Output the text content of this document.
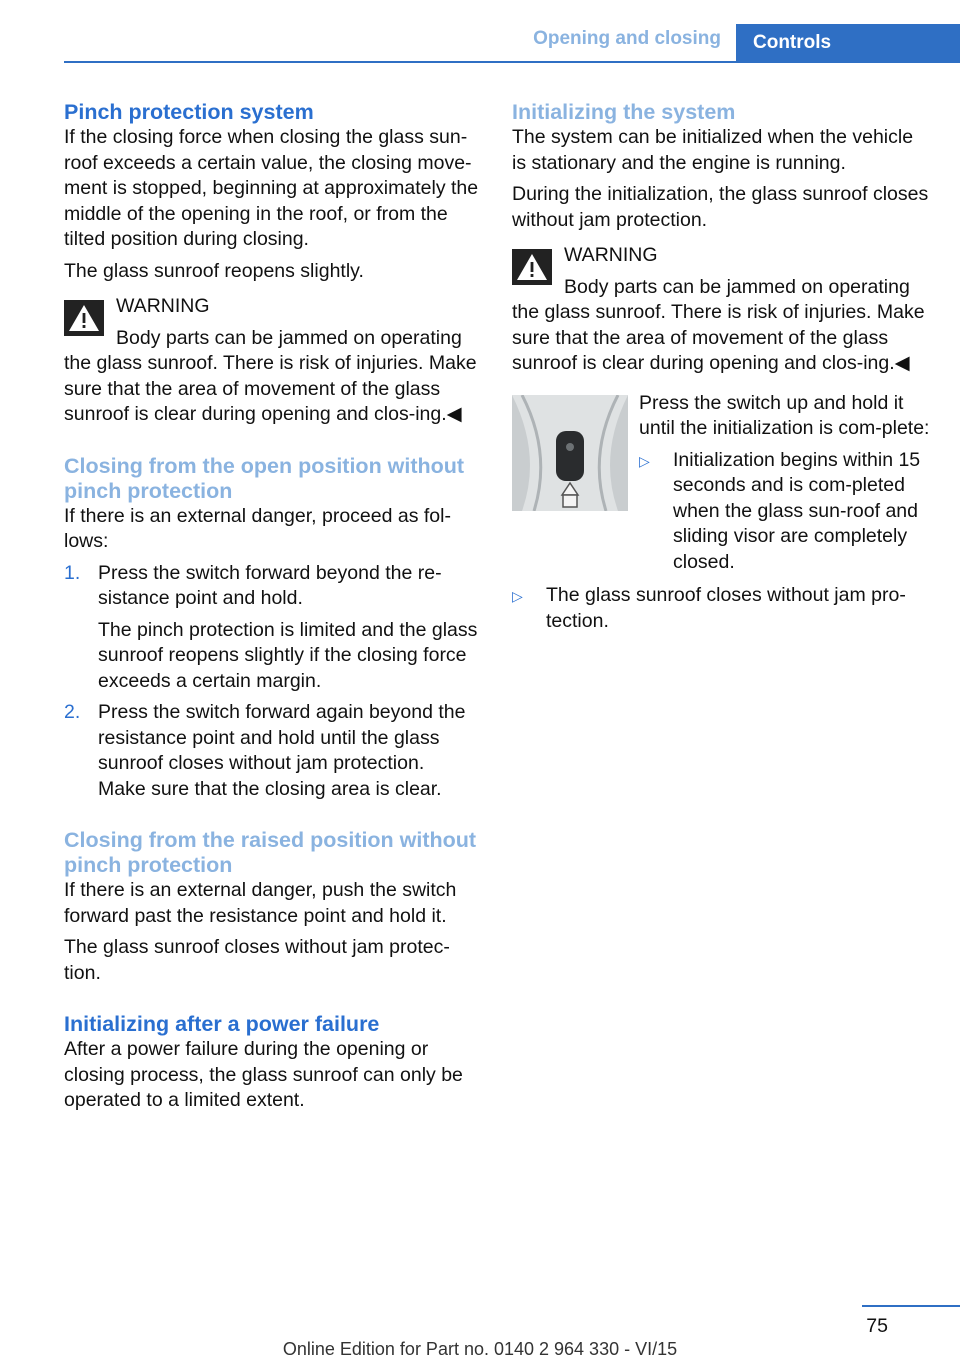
Opening and closing	Controls
Pinch protection system

If the closing force when closing the glass sun-roof exceeds a certain value, the closing move-ment is stopped, beginning at approximately the middle of the opening in the roof, or from the tilted position during closing.

The glass sunroof reopens slightly.

WARNING

Body parts can be jammed on operating

the glass sunroof. There is risk of injuries. Make sure that the area of movement of the glass sunroof is clear during opening and clos-ing.◀

Closing from the open position without pinch protection

If there is an external danger, proceed as fol-lows:

1. Press the switch forward beyond the re-sistance point and hold.

The pinch protection is limited and the glass sunroof reopens slightly if the closing force exceeds a certain margin.

2. Press the switch forward again beyond the resistance point and hold until the glass sunroof closes without jam protection.

Make sure that the closing area is clear.

Closing from the raised position without pinch protection

If there is an external danger, push the switch forward past the resistance point and hold it.

The glass sunroof closes without jam protec-tion.

Initializing after a power failure

After a power failure during the opening or closing process, the glass sunroof can only be operated to a limited extent.

Initializing the system

The system can be initialized when the vehicle is stationary and the engine is running.

During the initialization, the glass sunroof closes without jam protection.

WARNING

Body parts can be jammed on operating

the glass sunroof. There is risk of injuries. Make sure that the area of movement of the glass sunroof is clear during opening and clos-ing.◀

Press the switch up and hold it until the initialization is com-plete:

▷ Initialization begins within 15 seconds and is com-pleted when the glass sun-roof and sliding visor are completely closed.
▷ The glass sunroof closes without jam pro-tection.
75
Online Edition for Part no. 0140 2 964 330 - VI/15
